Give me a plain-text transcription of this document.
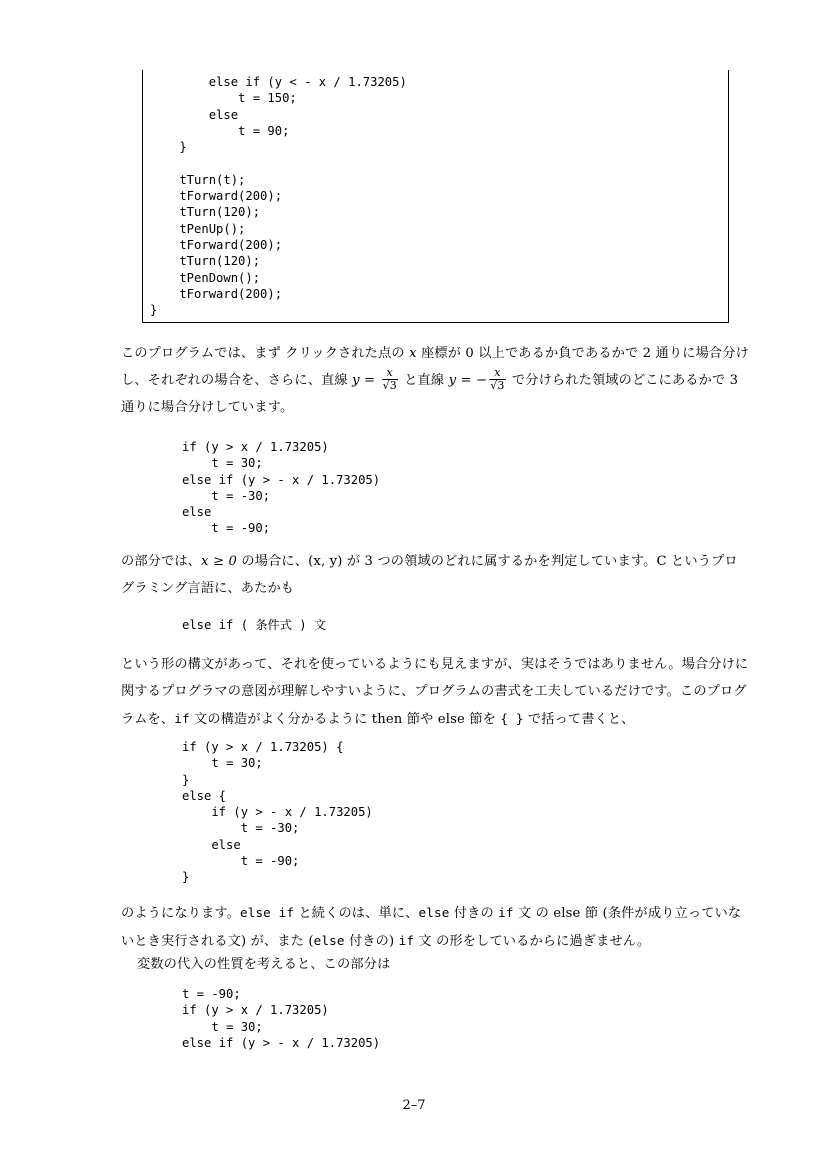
else if (y < - x / 1.73205)
t = 150;
else
t = 90;
}

tTurn(t);
tForward(200);
tTurn(120);
tPenUp();
tForward(200);
tTurn(120);
tPenDown();
tForward(200);
}
このプログラムでは、まず クリックされた点の x 座標が 0 以上であるか負であるかで 2 通りに場合分けし、それぞれの場合を、さらに、直線 $y = \frac{x}{√3}$ と直線 y = − $\frac{x}{√3}$ で分けられた領域のどこにあるかで 3 通りに場合分けしています。
if (y > x / 1.73205)
t = 30;
else if (y > - x / 1.73205)
t = -30;
else
t = -90;
の部分では、x ≥ 0 の場合に、(x, y) が 3 つの領域のどれに属するかを判定しています。C というプログラミング言語に、あたかも
else if ( 条件式 ) 文
という形の構文があって、それを使っているようにも見えますが、実はそうではありません。場合分けに関するプログラマの意図が理解しやすいように、プログラムの書式を工夫しているだけです。このプログラムを、if 文の構造がよく分かるように then 節や else 節を { } で括って書くと、
if (y > x / 1.73205) {
t = 30;
}
else {
if (y > - x / 1.73205)
t = -30;
else
t = -90;
}
のようになります。else if と続くのは、単に、else 付きの if 文 の else 節 (条件が成り立っていないとき実行される文) が、また (else 付きの) if 文 の形をしているからに過ぎません。
変数の代入の性質を考えると、この部分は
t = -90;
if (y > x / 1.73205)
t = 30;
else if (y > - x / 1.73205)
2–7
